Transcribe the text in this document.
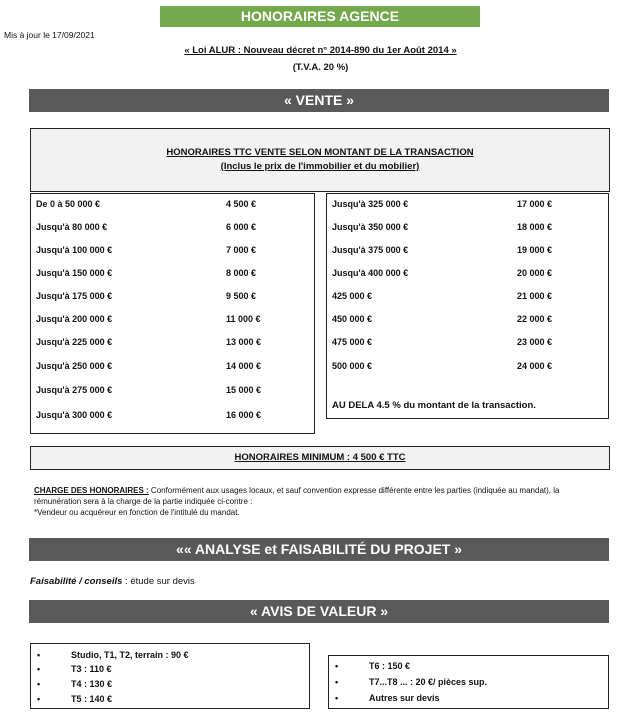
HONORAIRES AGENCE
Mis à jour le 17/09/2021
« Loi ALUR : Nouveau décret n° 2014-890 du 1er Août 2014 »
(T.V.A. 20 %)
« VENTE »
HONORAIRES TTC VENTE SELON MONTANT DE LA TRANSACTION
(Inclus le prix de l'immobilier et du mobilier)
De 0 à 50 000 €	4 500 €
Jusqu'à 80 000 €	6 000 €
Jusqu'à 100 000 €	7 000 €
Jusqu'à 150 000 €	8 000 €
Jusqu'à 175 000 €	9 500 €
Jusqu'à 200 000 €	11 000 €
Jusqu'à 225 000 €	13 000 €
Jusqu'à 250 000 €	14 000 €
Jusqu'à 275 000 €	15 000 €
Jusqu'à 300 000 €	16 000 €
Jusqu'à 325 000 €	17 000 €
Jusqu'à 350 000 €	18 000 €
Jusqu'à 375 000 €	19 000 €
Jusqu'à 400 000 €	20 000 €
425 000 €	21 000 €
450 000 €	22 000 €
475 000 €	23 000 €
500 000 €	24 000 €
AU DELA 4.5 % du montant de la transaction.
HONORAIRES MINIMUM : 4 500 € TTC
CHARGE DES HONORAIRES : Conformément aux usages locaux, et sauf convention expresse différente entre les parties (indiquée au mandat), la rémunération sera à la charge de la partie indiquée ci-contre :
*Vendeur ou acquéreur en fonction de l'intitulé du mandat.
«« ANALYSE et FAISABILITÉ DU PROJET »
Faisabilité / conseils : étude sur devis
« AVIS DE VALEUR »
•	Studio, T1, T2, terrain : 90 €
•	T3 : 110 €
•	T4 : 130 €
•	T5 : 140 €
•	T6 : 150 €
•	T7...T8 ... : 20 €/ pièces sup.
•	Autres sur devis
